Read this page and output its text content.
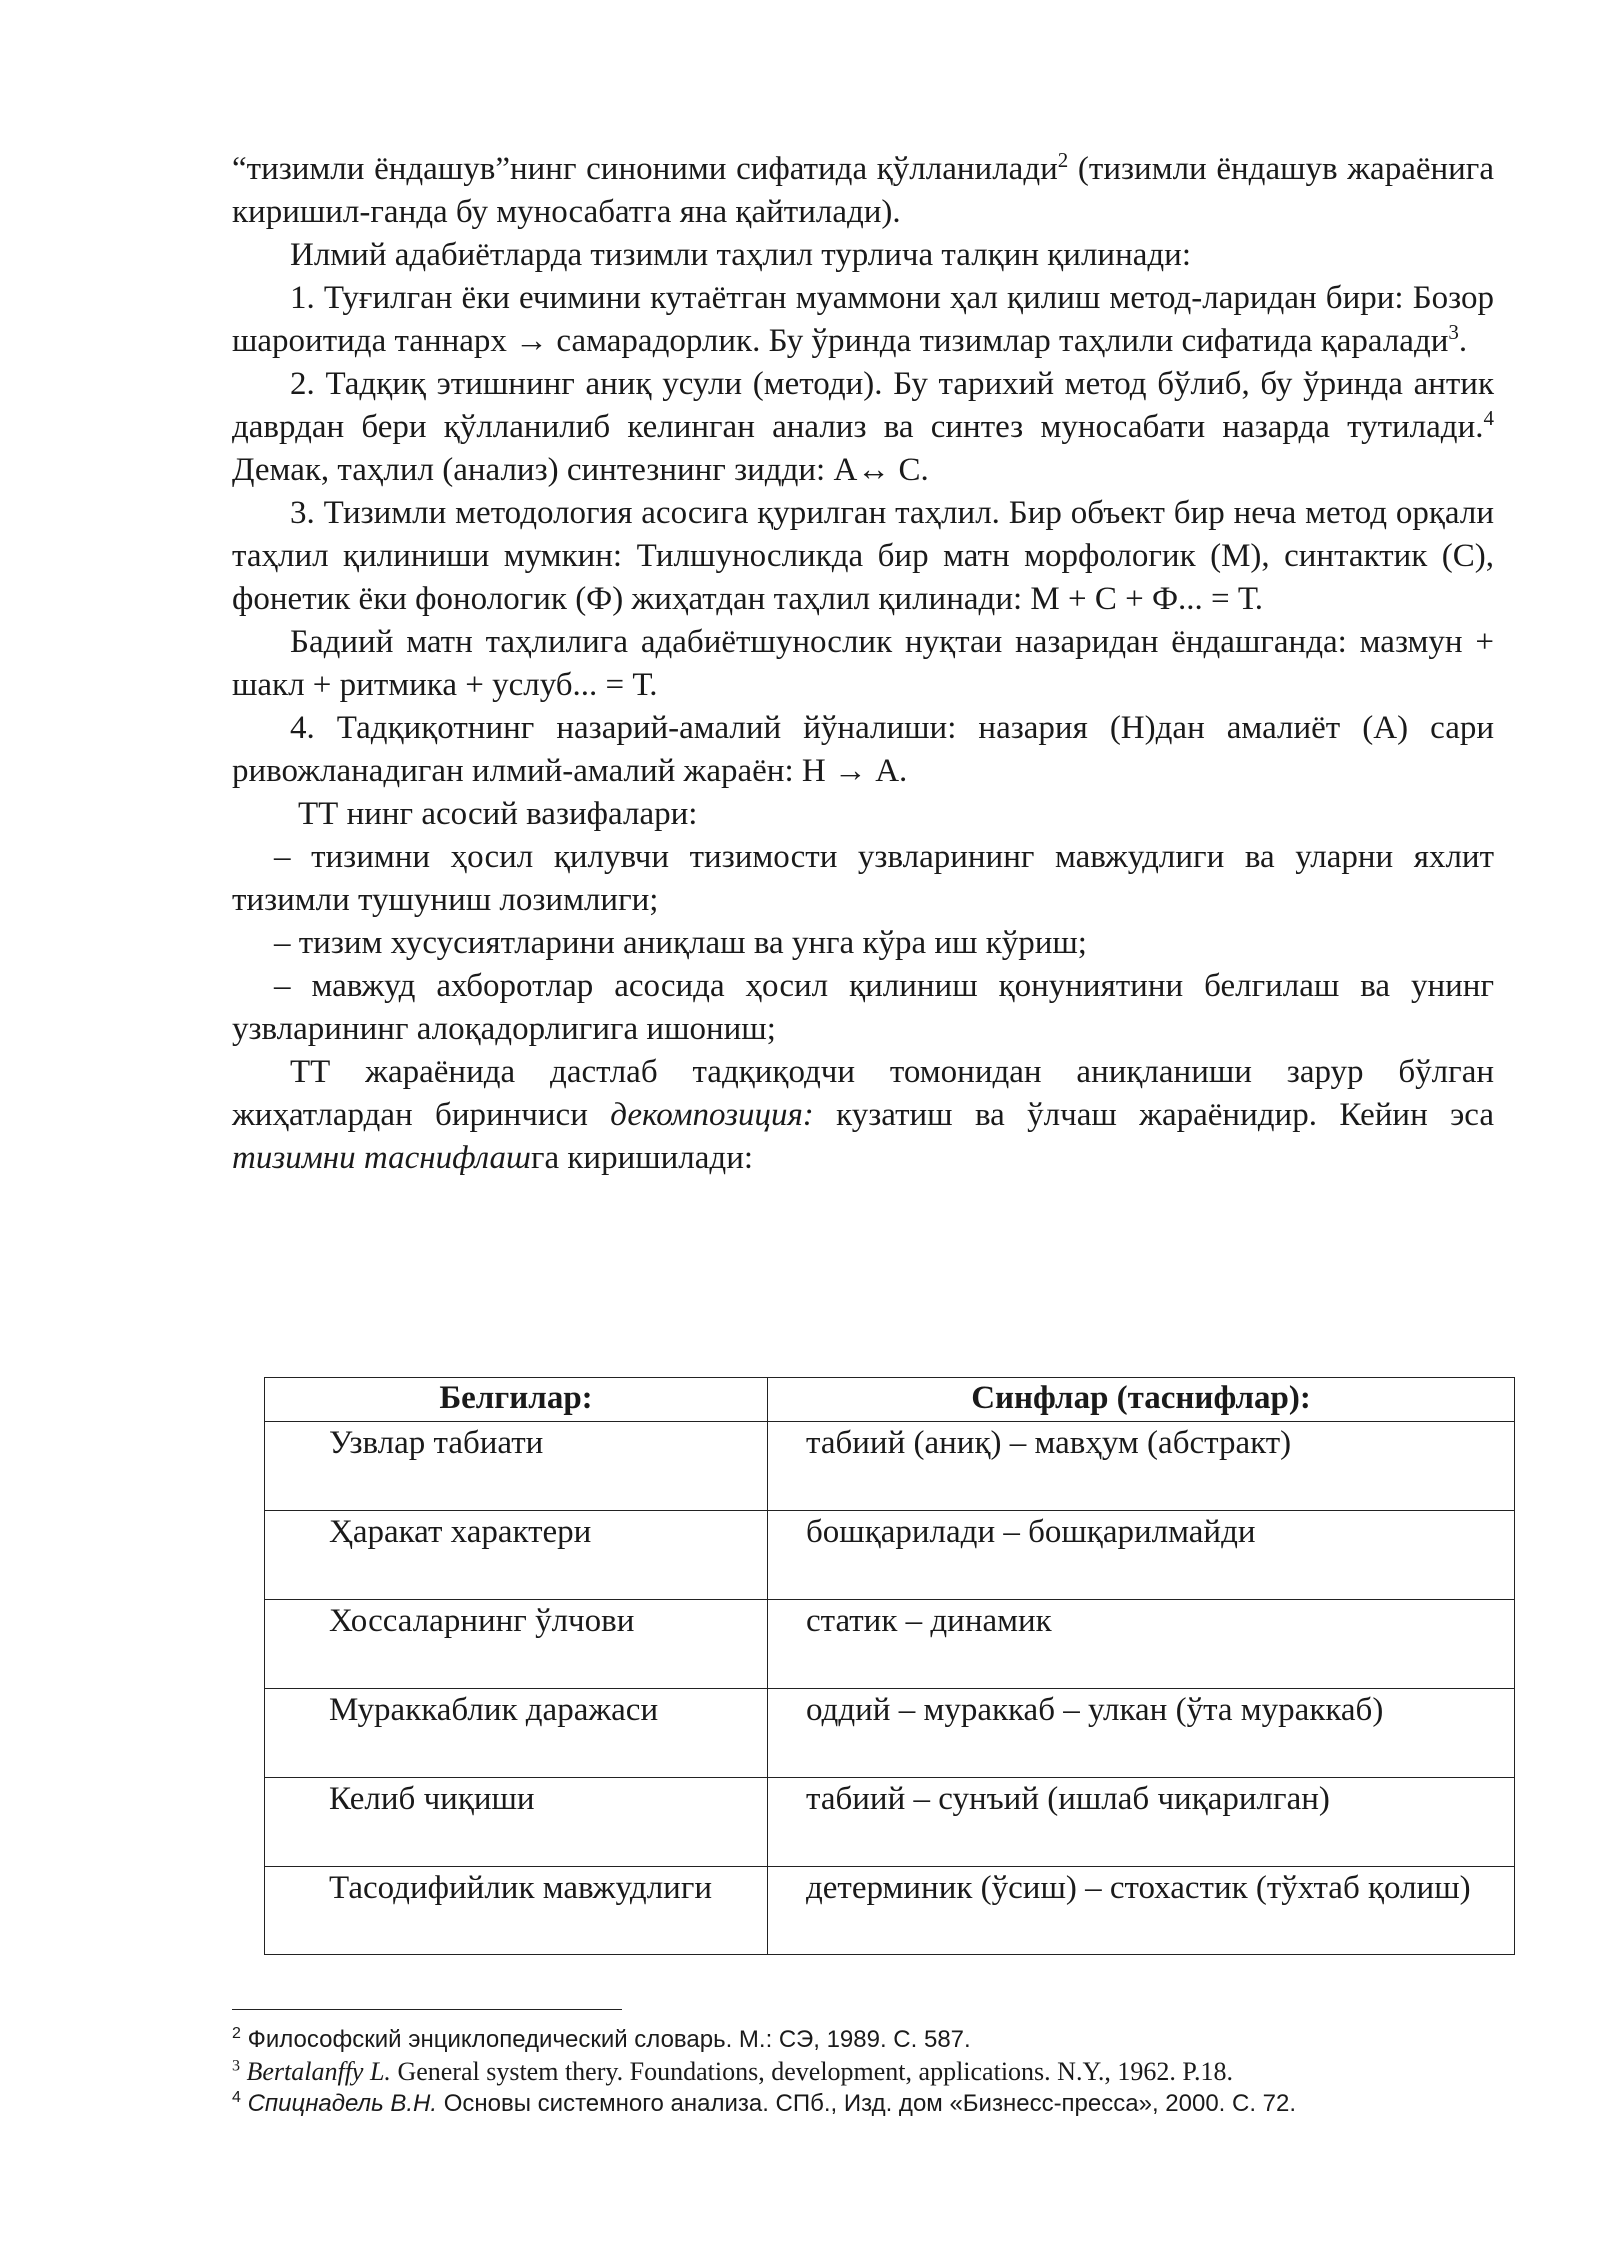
“тизимли ёндашув”нинг синоними сифатида қўлланилади$^2$ (тизимли ёндашув жараёнига киришил-ганда бу муносабатга яна қайтилади).

Илмий адабиётларда тизимли таҳлил турлича талқин қилинади:

1. Туғилган ёки ечимини кутаётган муаммони ҳал қилиш метод-ларидан бири: Бозор шароитида таннарх → самарадорлик. Бу ўринда тизимлар таҳлили сифатида қаралади$^3$.

2. Тадқиқ этишнинг аниқ усули (методи). Бу тарихий метод бўлиб, бу ўринда антик даврдан бери қўлланилиб келинган анализ ва синтез муносабати назарда тутилади.$^4$ Демак, таҳлил (анализ) синтезнинг зидди: А↔ С.

3. Тизимли методология асосига қурилган таҳлил. Бир объект бир неча метод орқали таҳлил қилиниши мумкин: Тилшуносликда бир матн морфологик (М), синтактик (С), фонетик ёки фонологик (Ф) жиҳатдан таҳлил қилинади: М + С + Ф... = Т.

Бадиий матн таҳлилига адабиётшунослик нуқтаи назаридан ёндашганда: мазмун + шакл + ритмика + услуб... = Т.

4. Тадқиқотнинг назарий-амалий йўналиши: назария (Н)дан амалиёт (А) сари ривожланадиган илмий-амалий жараён: Н → А.

ТТ нинг асосий вазифалари:

– тизимни ҳосил қилувчи тизимости узвларининг мавжудлиги ва уларни яхлит тизимли тушуниш лозимлиги;

– тизим хусусиятларини аниқлаш ва унга кўра иш кўриш;

– мавжуд ахборотлар асосида ҳосил қилиниш қонуниятини белгилаш ва унинг узвларининг алоқадорлигига ишониш;

ТТ жараёнида дастлаб тадқиқодчи томонидан аниқланиши зарур бўлган жиҳатлардан биринчиси декомпозиция: кузатиш ва ўлчаш жараёнидир. Кейин эса тизимни таснифлашга киришилади:

Белгилар:	Синфлар (таснифлар):
Узвлар табиати	табиий (аниқ) – мавҳум (абстракт)
Ҳаракат характери	бошқарилади – бошқарилмайди
Хоссаларнинг ўлчови	статик – динамик
Мураккаблик даражаси	оддий – мураккаб – улкан (ўта мураккаб)
Келиб чиқиши	табиий – сунъий (ишлаб чиқарилган)
Тасодифийлик мавжудлиги	детерминик (ўсиш) – стохастик (тўхтаб қолиш)

$^2$ Философский энциклопедический словарь. М.: СЭ, 1989. С. 587.

$^3$ Bertalanffy L. General system thery. Foundations, development, applications. N.Y., 1962. P.18.

$^4$ Спицнадель В.Н. Основы системного анализа. СПб., Изд. дом «Бизнесс-пресса», 2000. С. 72.
